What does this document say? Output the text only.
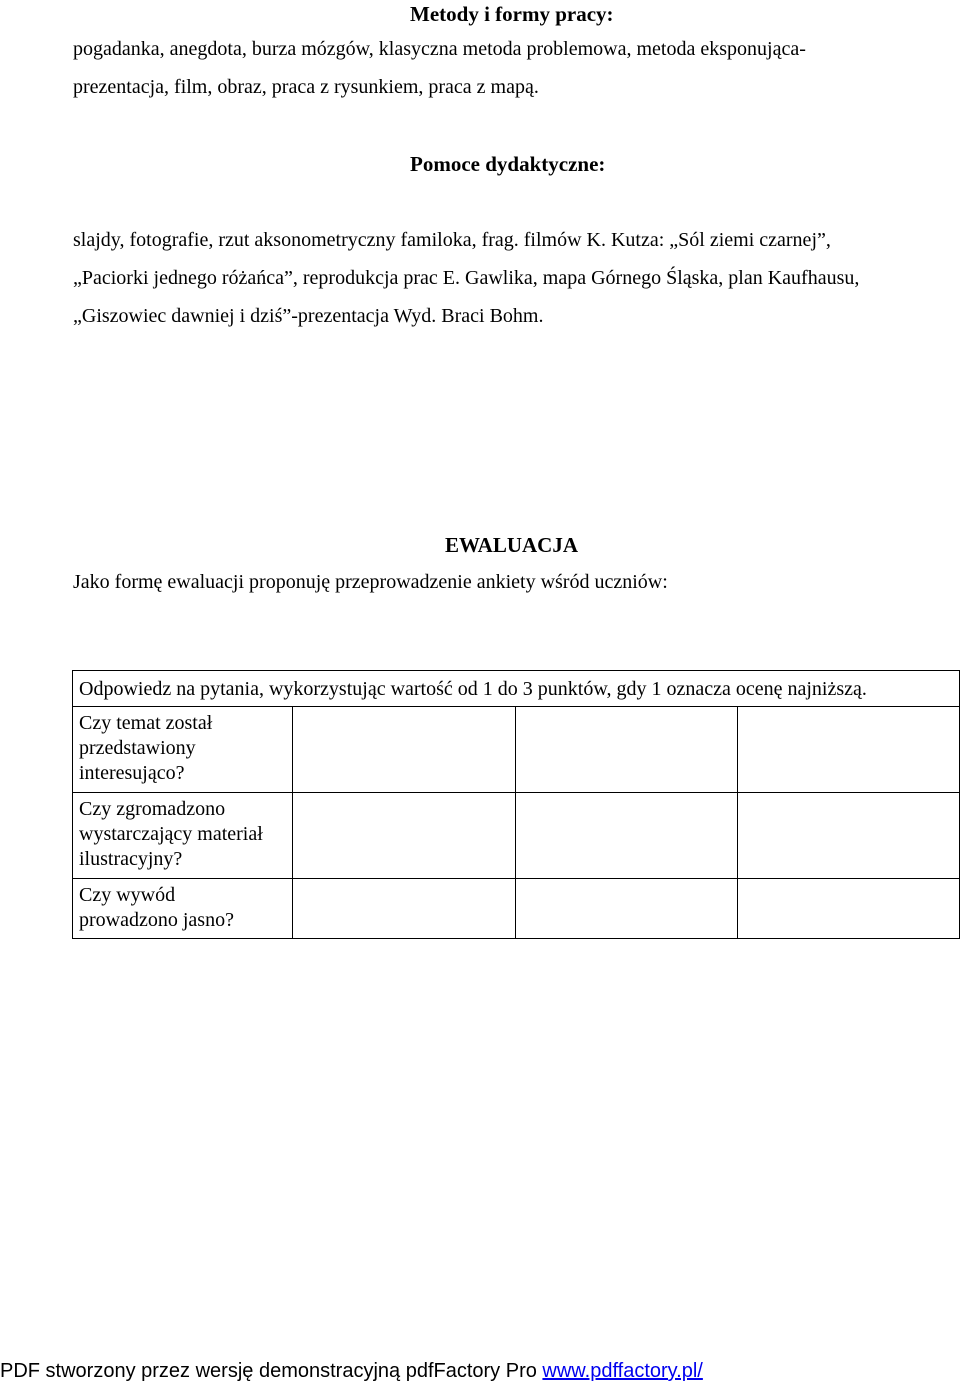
Metody i formy pracy:
pogadanka, anegdota, burza mózgów, klasyczna metoda problemowa, metoda eksponująca-
prezentacja, film, obraz, praca z rysunkiem, praca z mapą.
Pomoce dydaktyczne:
slajdy, fotografie, rzut aksonometryczny familoka, frag. filmów K. Kutza: „Sól ziemi czarnej”,
„Paciorki jednego różańca”, reprodukcja prac E. Gawlika, mapa Górnego Śląska, plan Kaufhausu,
„Giszowiec dawniej i dziś”-prezentacja Wyd. Braci Bohm.
EWALUACJA
Jako formę ewaluacji proponuję przeprowadzenie ankiety wśród uczniów:
Odpowiedz na pytania, wykorzystując wartość od 1 do 3 punktów, gdy 1 oznacza ocenę najniższą.			

Czy temat został
przedstawiony
interesująco?			

Czy zgromadzono
wystarczający materiał
ilustracyjny?			

Czy wywód
prowadzono jasno?			

PDF stworzony przez wersję demonstracyjną pdfFactory Pro www.pdffactory.pl/
